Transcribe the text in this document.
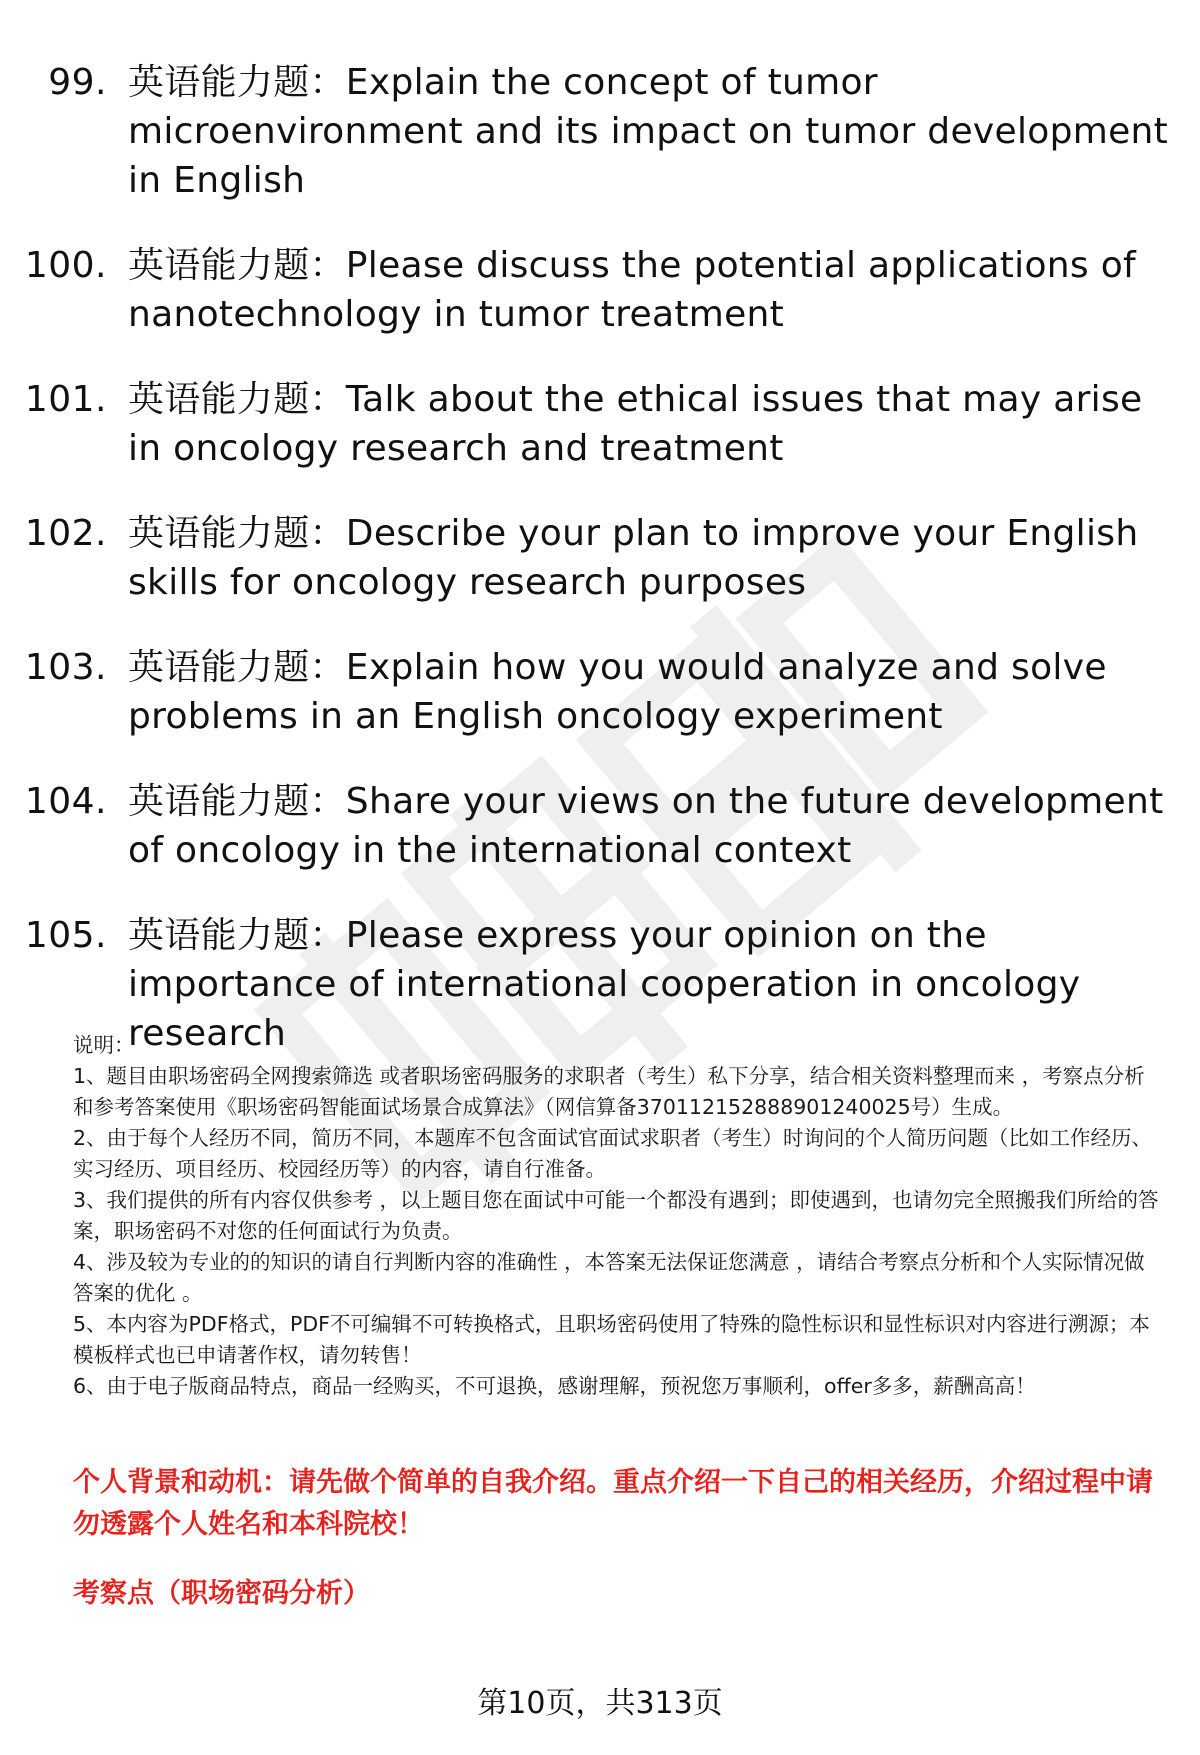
99. 英语能力题：Explain the concept of tumor microenvironment and its impact on tumor development in English
100. 英语能力题：Please discuss the potential applications of nanotechnology in tumor treatment
101. 英语能力题：Talk about the ethical issues that may arise in oncology research and treatment
102. 英语能力题：Describe your plan to improve your English skills for oncology research purposes
103. 英语能力题：Explain how you would analyze and solve problems in an English oncology experiment
104. 英语能力题：Share your views on the future development of oncology in the international context
105. 英语能力题：Please express your opinion on the importance of international cooperation in oncology research

说明：

1、题目由职场密码全网搜索筛选 或者职场密码服务的求职者（考生）私下分享，结合相关资料整理而来 ，考察点分析和参考答案使用《职场密码智能面试场景合成算法》（网信算备370112152888901240025号）生成。

2、由于每个人经历不同，简历不同，本题库不包含面试官面试求职者（考生）时询问的个人简历问题（比如工作经历、实习经历、项目经历、校园经历等）的内容，请自行准备。

3、我们提供的所有内容仅供参考 ，以上题目您在面试中可能一个都没有遇到；即使遇到，也请勿完全照搬我们所给的答案，职场密码不对您的任何面试行为负责。

4、涉及较为专业的的知识的请自行判断内容的准确性 ，本答案无法保证您满意 ，请结合考察点分析和个人实际情况做答案的优化 。

5、本内容为PDF格式，PDF不可编辑不可转换格式，且职场密码使用了特殊的隐性标识和显性标识对内容进行溯源；本模板样式也已申请著作权，请勿转售！

6、由于电子版商品特点，商品一经购买，不可退换，感谢理解，预祝您万事顺利，offer多多，薪酬高高！

个人背景和动机：请先做个简单的自我介绍。重点介绍一下自己的相关经历，介绍过程中请勿透露个人姓名和本科院校！
考察点（职场密码分析）
第10页，共313页
